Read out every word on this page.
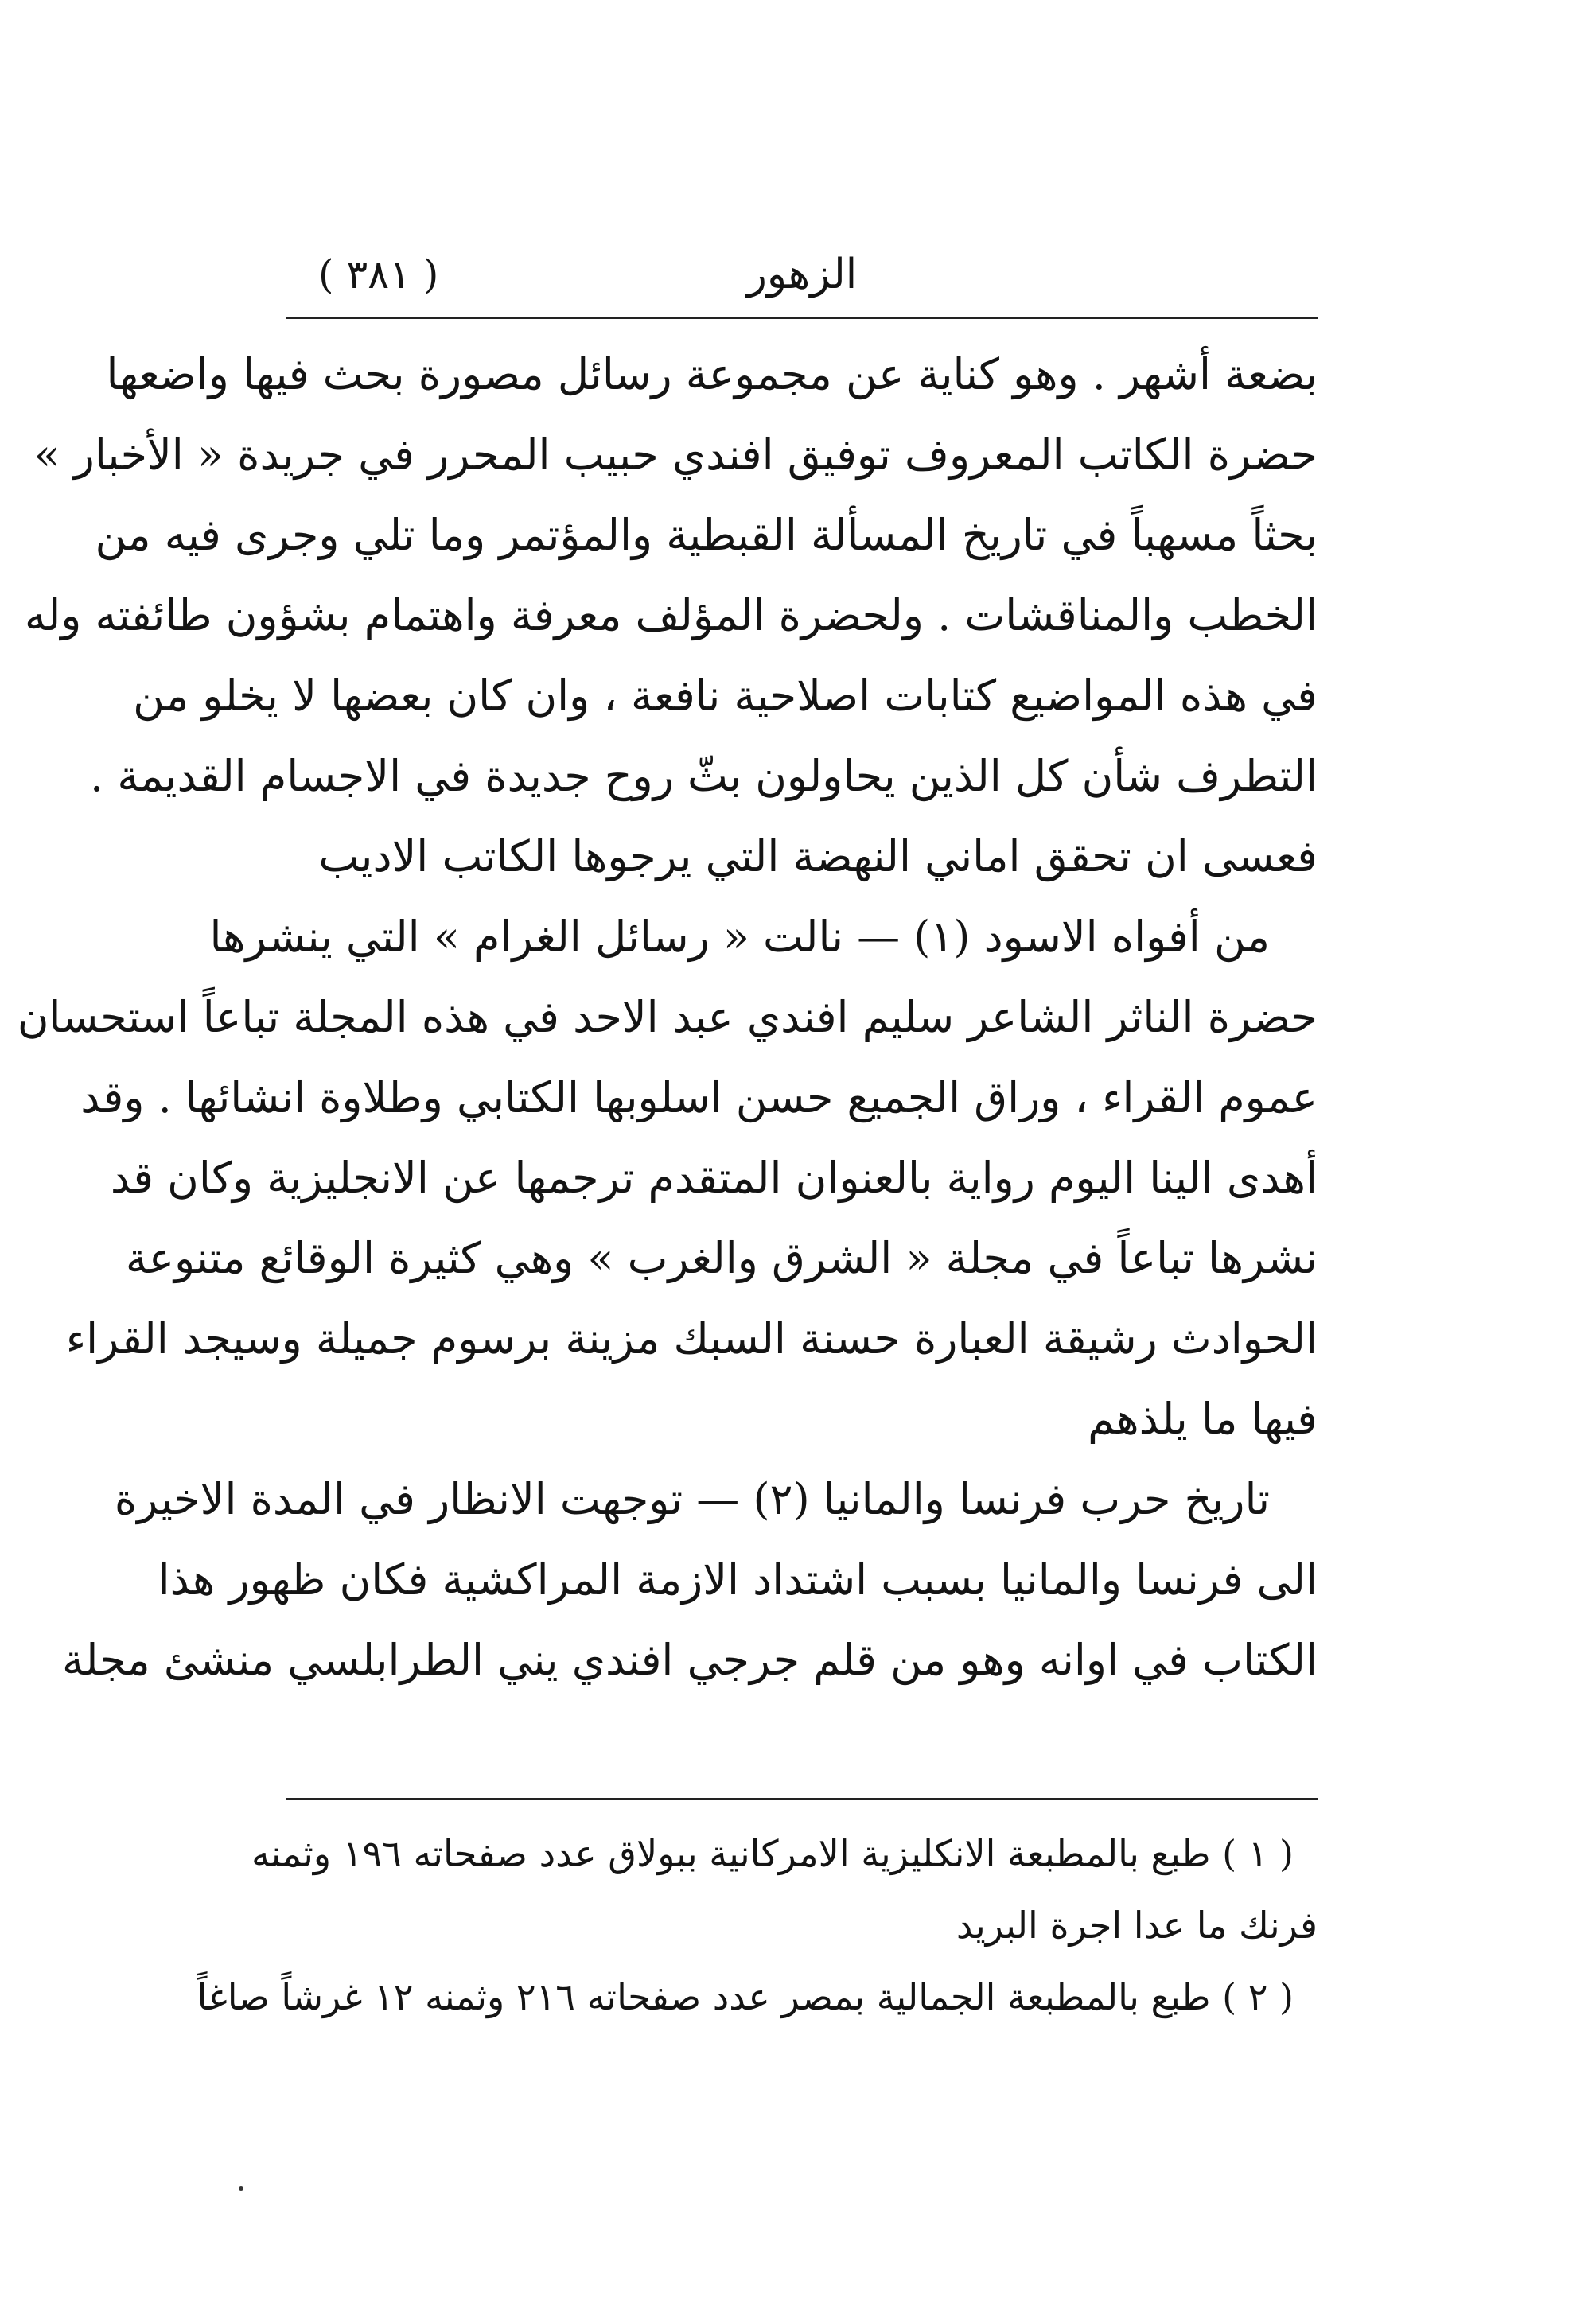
الزهور
( ٣٨١ )
بضعة أشهر . وهو كناية عن مجموعة رسائل مصورة بحث فيها واضعها
حضرة الكاتب المعروف توفيق افندي حبيب المحرر في جريدة « الأخبار »
بحثاً مسهباً في تاريخ المسألة القبطية والمؤتمر وما تلي وجرى فيه من
الخطب والمناقشات . ولحضرة المؤلف معرفة واهتمام بشؤون طائفته وله
في هذه المواضيع كتابات اصلاحية نافعة ، وان كان بعضها لا يخلو من
التطرف شأن كل الذين يحاولون بثّ روح جديدة في الاجسام القديمة .
فعسى ان تحقق اماني النهضة التي يرجوها الكاتب الاديب
من أفواه الاسود (١) — نالت « رسائل الغرام » التي ينشرها
حضرة الناثر الشاعر سليم افندي عبد الاحد في هذه المجلة تباعاً استحسان
عموم القراء ، وراق الجميع حسن اسلوبها الكتابي وطلاوة انشائها . وقد
أهدى الينا اليوم رواية بالعنوان المتقدم ترجمها عن الانجليزية وكان قد
نشرها تباعاً في مجلة « الشرق والغرب » وهي كثيرة الوقائع متنوعة
الحوادث رشيقة العبارة حسنة السبك مزينة برسوم جميلة وسيجد القراء
فيها ما يلذهم
تاريخ حرب فرنسا والمانيا (٢) — توجهت الانظار في المدة الاخيرة
الى فرنسا والمانيا بسبب اشتداد الازمة المراكشية فكان ظهور هذا
الكتاب في اوانه وهو من قلم جرجي افندي يني الطرابلسي منشئ مجلة
( ١ ) طبع بالمطبعة الانكليزية الامركانية ببولاق عدد صفحاته ١٩٦ وثمنه
فرنك ما عدا اجرة البريد
( ٢ ) طبع بالمطبعة الجمالية بمصر عدد صفحاته ٢١٦ وثمنه ١٢ غرشاً صاغاً
